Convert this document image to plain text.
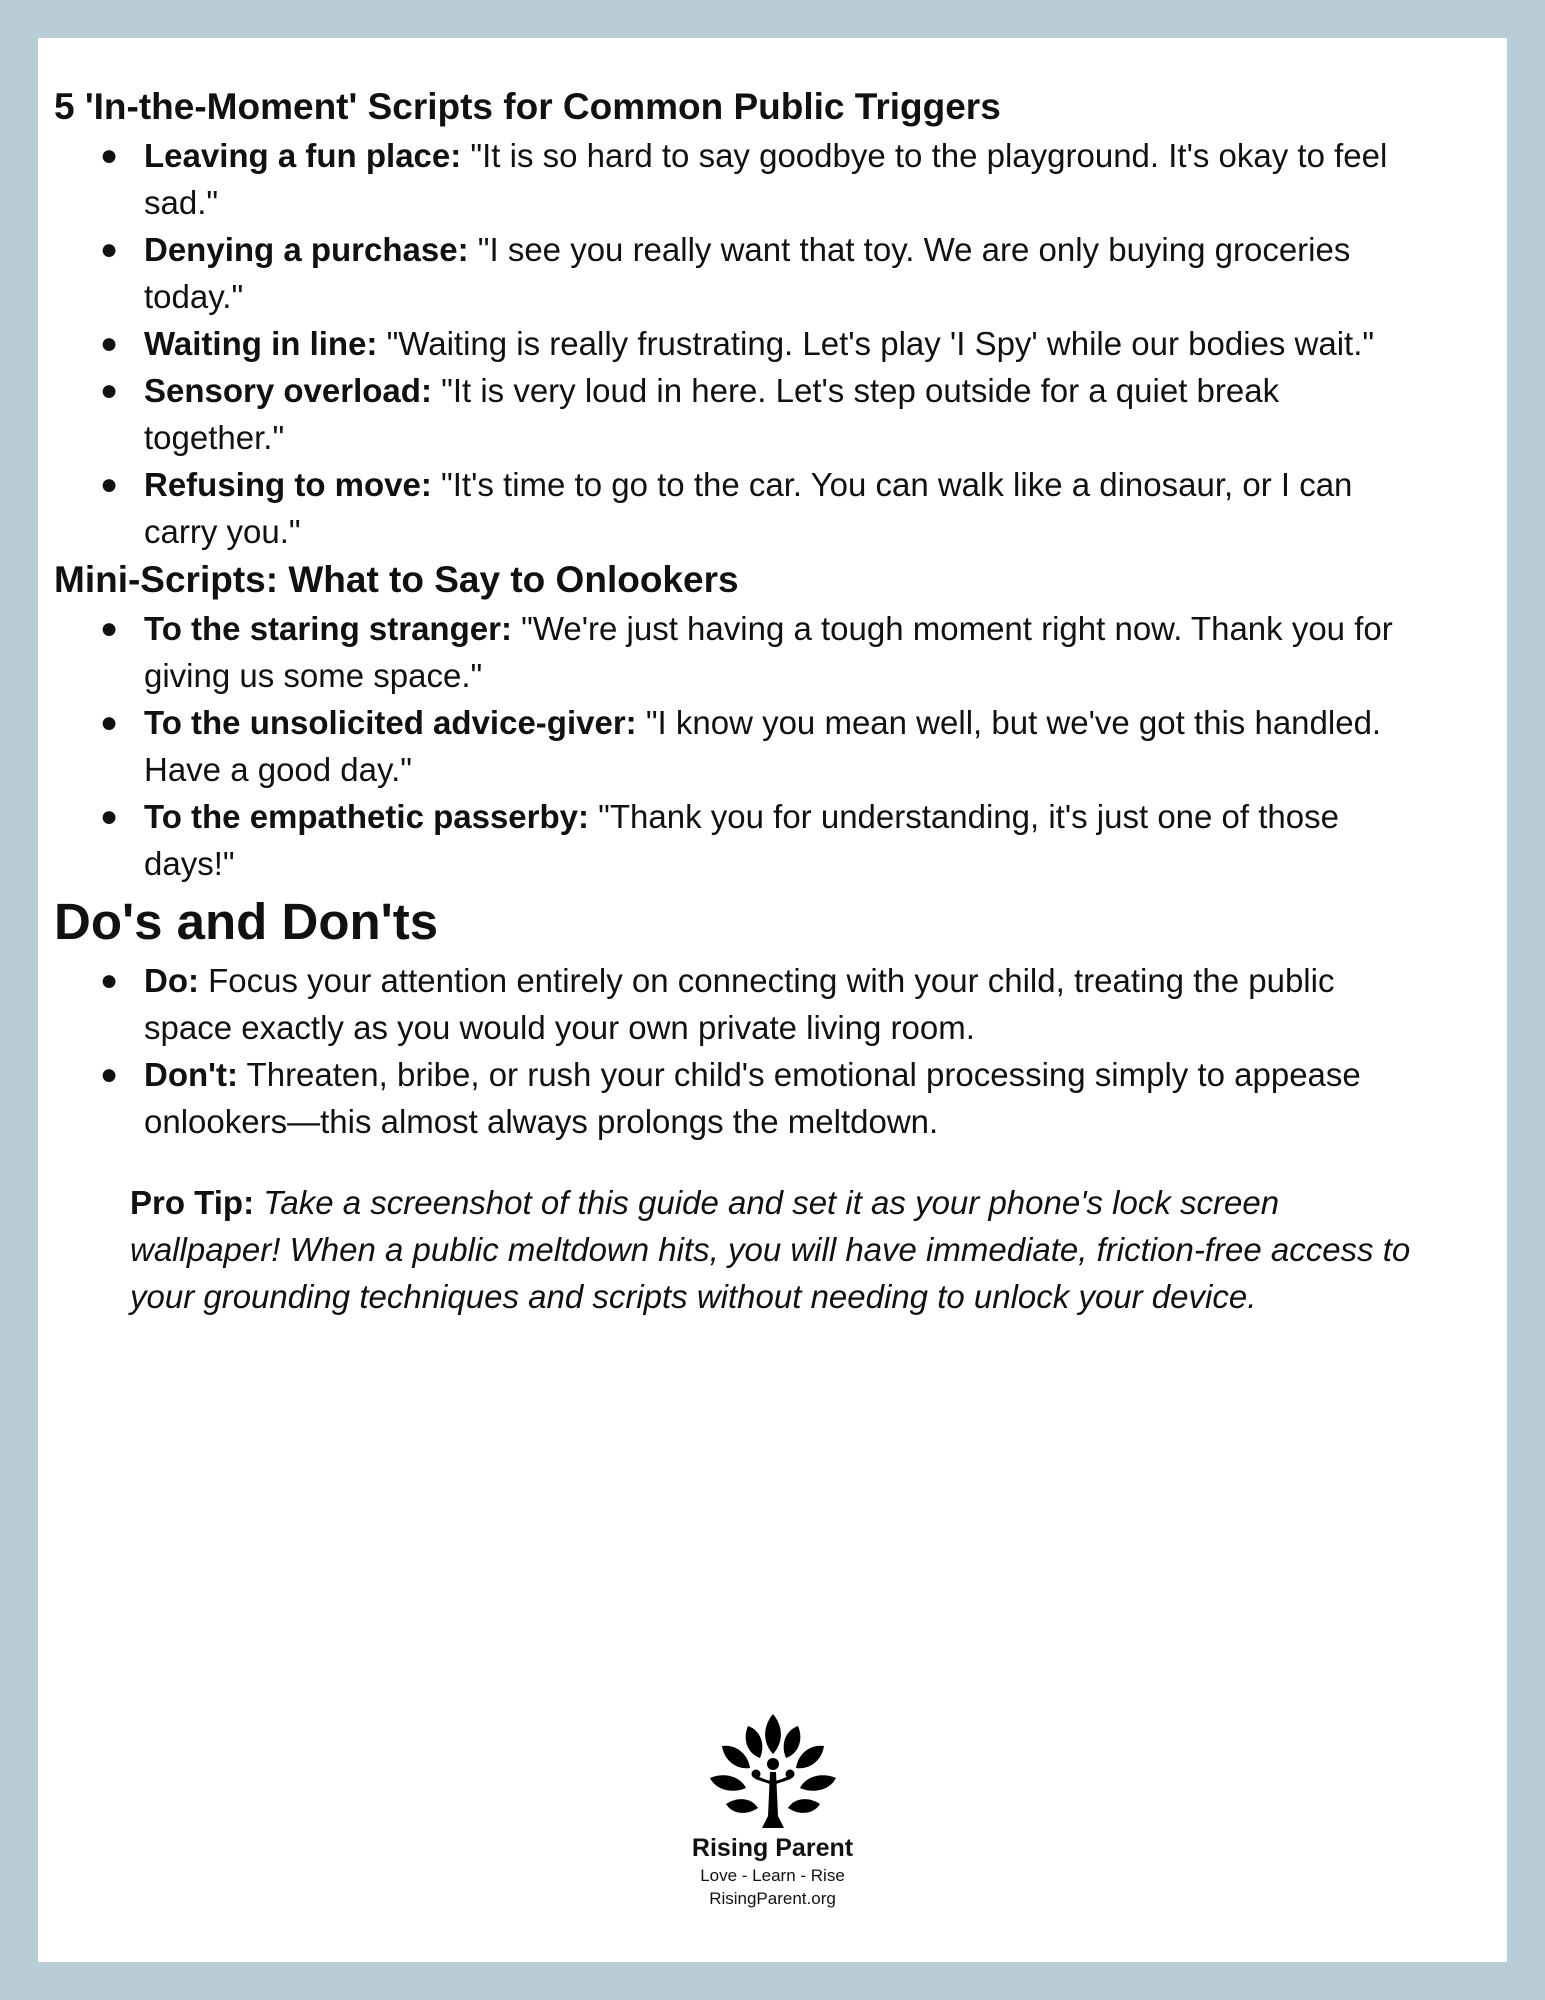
5 'In-the-Moment' Scripts for Common Public Triggers
● Leaving a fun place: "It is so hard to say goodbye to the playground. It's okay to feel sad."
● Denying a purchase: "I see you really want that toy. We are only buying groceries today."
● Waiting in line: "Waiting is really frustrating. Let's play 'I Spy' while our bodies wait."
● Sensory overload: "It is very loud in here. Let's step outside for a quiet break together."
● Refusing to move: "It's time to go to the car. You can walk like a dinosaur, or I can carry you."
Mini-Scripts: What to Say to Onlookers
● To the staring stranger: "We're just having a tough moment right now. Thank you for giving us some space."
● To the unsolicited advice-giver: "I know you mean well, but we've got this handled. Have a good day."
● To the empathetic passerby: "Thank you for understanding, it's just one of those days!"
Do's and Don'ts
● Do: Focus your attention entirely on connecting with your child, treating the public space exactly as you would your own private living room.
● Don't: Threaten, bribe, or rush your child's emotional processing simply to appease onlookers—this almost always prolongs the meltdown.
Pro Tip: Take a screenshot of this guide and set it as your phone's lock screen wallpaper! When a public meltdown hits, you will have immediate, friction-free access to your grounding techniques and scripts without needing to unlock your device.
Rising Parent
Love - Learn - Rise
RisingParent.org
